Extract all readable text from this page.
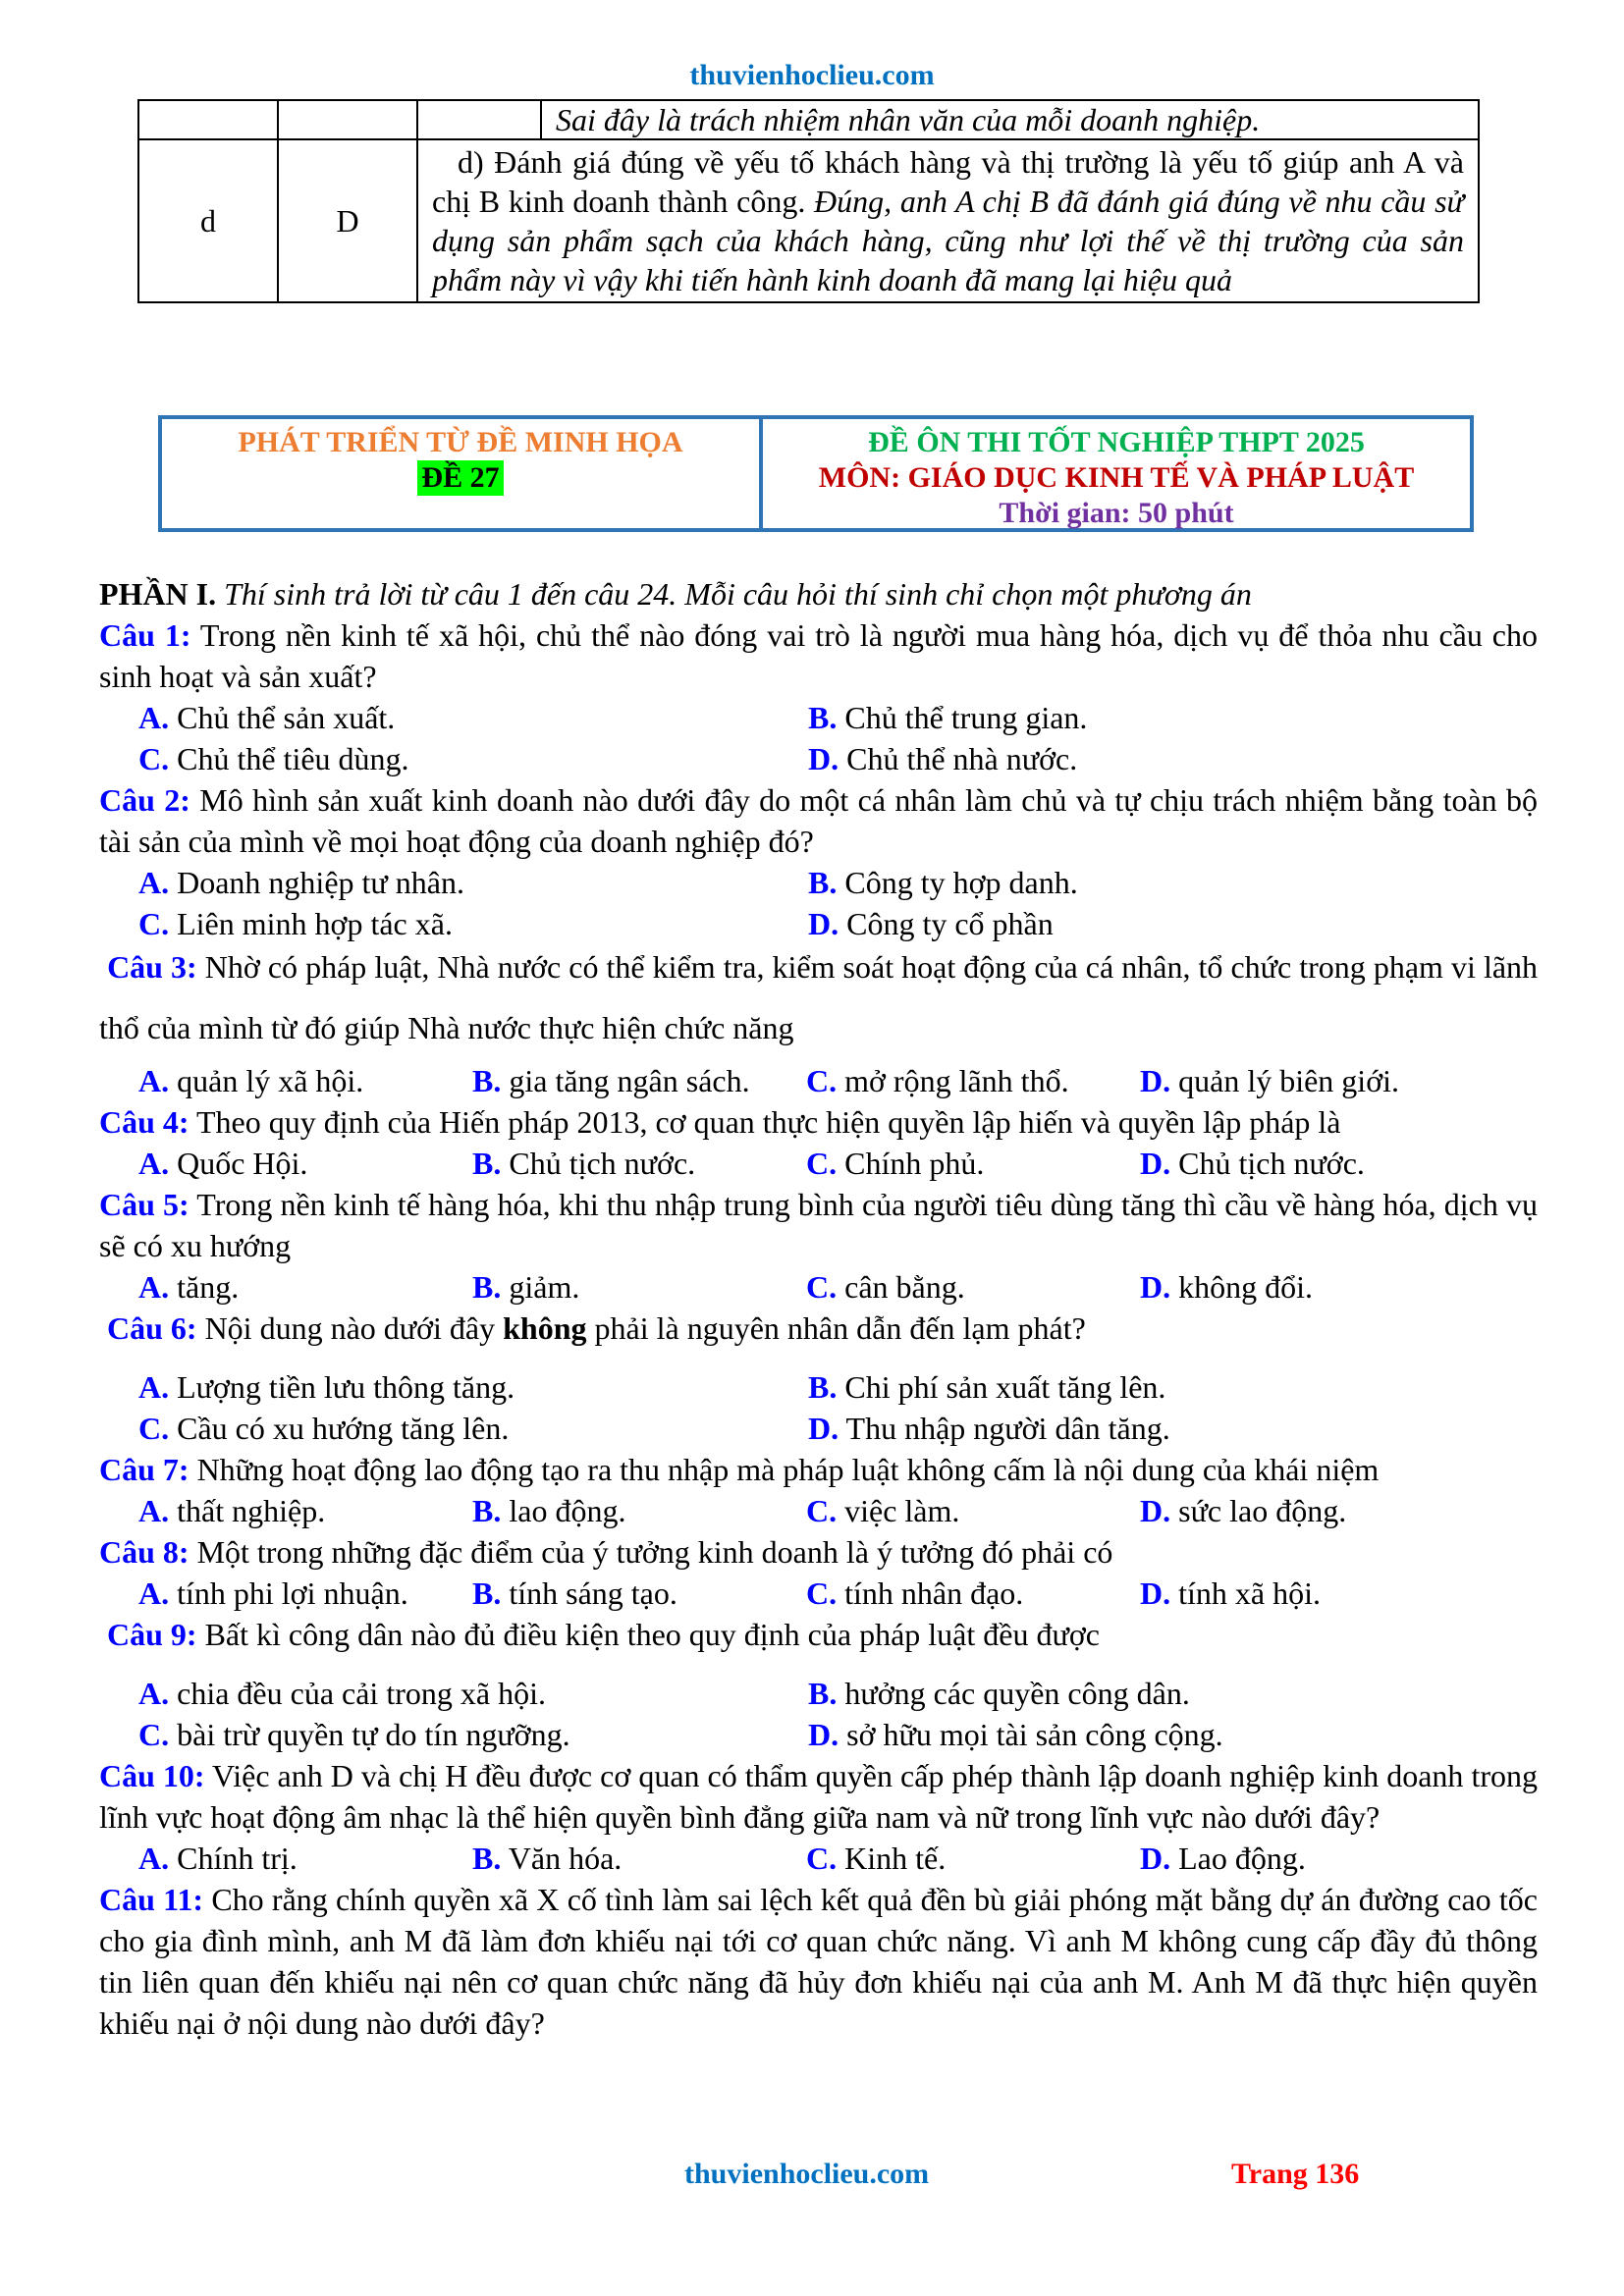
thuvienhoclieu.com
			Sai đây là trách nhiệm nhân văn của mỗi doanh nghiệp.
d	D	d) Đánh giá đúng về yếu tố khách hàng và thị trường là yếu tố giúp anh A và chị B kinh doanh thành công. Đúng, anh A chị B đã đánh giá đúng về nhu cầu sử dụng sản phẩm sạch của khách hàng, cũng như lợi thế về thị trường của sản phẩm này vì vậy khi tiến hành kinh doanh đã mang lại hiệu quả	
PHÁT TRIỂN TỪ ĐỀ MINH HỌA
ĐỀ 27
ĐỀ ÔN THI TỐT NGHIỆP THPT 2025
MÔN: GIÁO DỤC KINH TẾ VÀ PHÁP LUẬT
Thời gian: 50 phút

PHẦN I. Thí sinh trả lời từ câu 1 đến câu 24. Mỗi câu hỏi thí sinh chỉ chọn một phương án

Câu 1: Trong nền kinh tế xã hội, chủ thể nào đóng vai trò là người mua hàng hóa, dịch vụ để thỏa nhu cầu cho sinh hoạt và sản xuất?

A. Chủ thể sản xuất.	B. Chủ thể trung gian.
C. Chủ thể tiêu dùng.	D. Chủ thể nhà nước.

Câu 2: Mô hình sản xuất kinh doanh nào dưới đây do một cá nhân làm chủ và tự chịu trách nhiệm bằng toàn bộ tài sản của mình về mọi hoạt động của doanh nghiệp đó?

A. Doanh nghiệp tư nhân.	B. Công ty hợp danh.
C. Liên minh hợp tác xã.	D. Công ty cổ phần

Câu 3: Nhờ có pháp luật, Nhà nước có thể kiểm tra, kiểm soát hoạt động của cá nhân, tổ chức trong phạm vi lãnh thổ của mình từ đó giúp Nhà nước thực hiện chức năng

A. quản lý xã hội.	B. gia tăng ngân sách.	C. mở rộng lãnh thổ.	D. quản lý biên giới.

Câu 4: Theo quy định của Hiến pháp 2013, cơ quan thực hiện quyền lập hiến và quyền lập pháp là

A. Quốc Hội.	B. Chủ tịch nước.	C. Chính phủ.	D. Chủ tịch nước.

Câu 5: Trong nền kinh tế hàng hóa, khi thu nhập trung bình của người tiêu dùng tăng thì cầu về hàng hóa, dịch vụ sẽ có xu hướng

A. tăng.	B. giảm.	C. cân bằng.	D. không đổi.

Câu 6: Nội dung nào dưới đây không phải là nguyên nhân dẫn đến lạm phát?

A. Lượng tiền lưu thông tăng.	B. Chi phí sản xuất tăng lên.
C. Cầu có xu hướng tăng lên.	D. Thu nhập người dân tăng.

Câu 7: Những hoạt động lao động tạo ra thu nhập mà pháp luật không cấm là nội dung của khái niệm

A. thất nghiệp.	B. lao động.	C. việc làm.	D. sức lao động.

Câu 8: Một trong những đặc điểm của ý tưởng kinh doanh là ý tưởng đó phải có

A. tính phi lợi nhuận.	B. tính sáng tạo.	C. tính nhân đạo.	D. tính xã hội.

Câu 9: Bất kì công dân nào đủ điều kiện theo quy định của pháp luật đều được

A. chia đều của cải trong xã hội.	B. hưởng các quyền công dân.
C. bài trừ quyền tự do tín ngưỡng.	D. sở hữu mọi tài sản công cộng.

Câu 10: Việc anh D và chị H đều được cơ quan có thẩm quyền cấp phép thành lập doanh nghiệp kinh doanh trong lĩnh vực hoạt động âm nhạc là thể hiện quyền bình đẳng giữa nam và nữ trong lĩnh vực nào dưới đây?

A. Chính trị.	B. Văn hóa.	C. Kinh tế.	D. Lao động.

Câu 11: Cho rằng chính quyền xã X cố tình làm sai lệch kết quả đền bù giải phóng mặt bằng dự án đường cao tốc cho gia đình mình, anh M đã làm đơn khiếu nại tới cơ quan chức năng. Vì anh M không cung cấp đầy đủ thông tin liên quan đến khiếu nại nên cơ quan chức năng đã hủy đơn khiếu nại của anh M. Anh M đã thực hiện quyền khiếu nại ở nội dung nào dưới đây?

thuvienhoclieu.com	Trang 136
